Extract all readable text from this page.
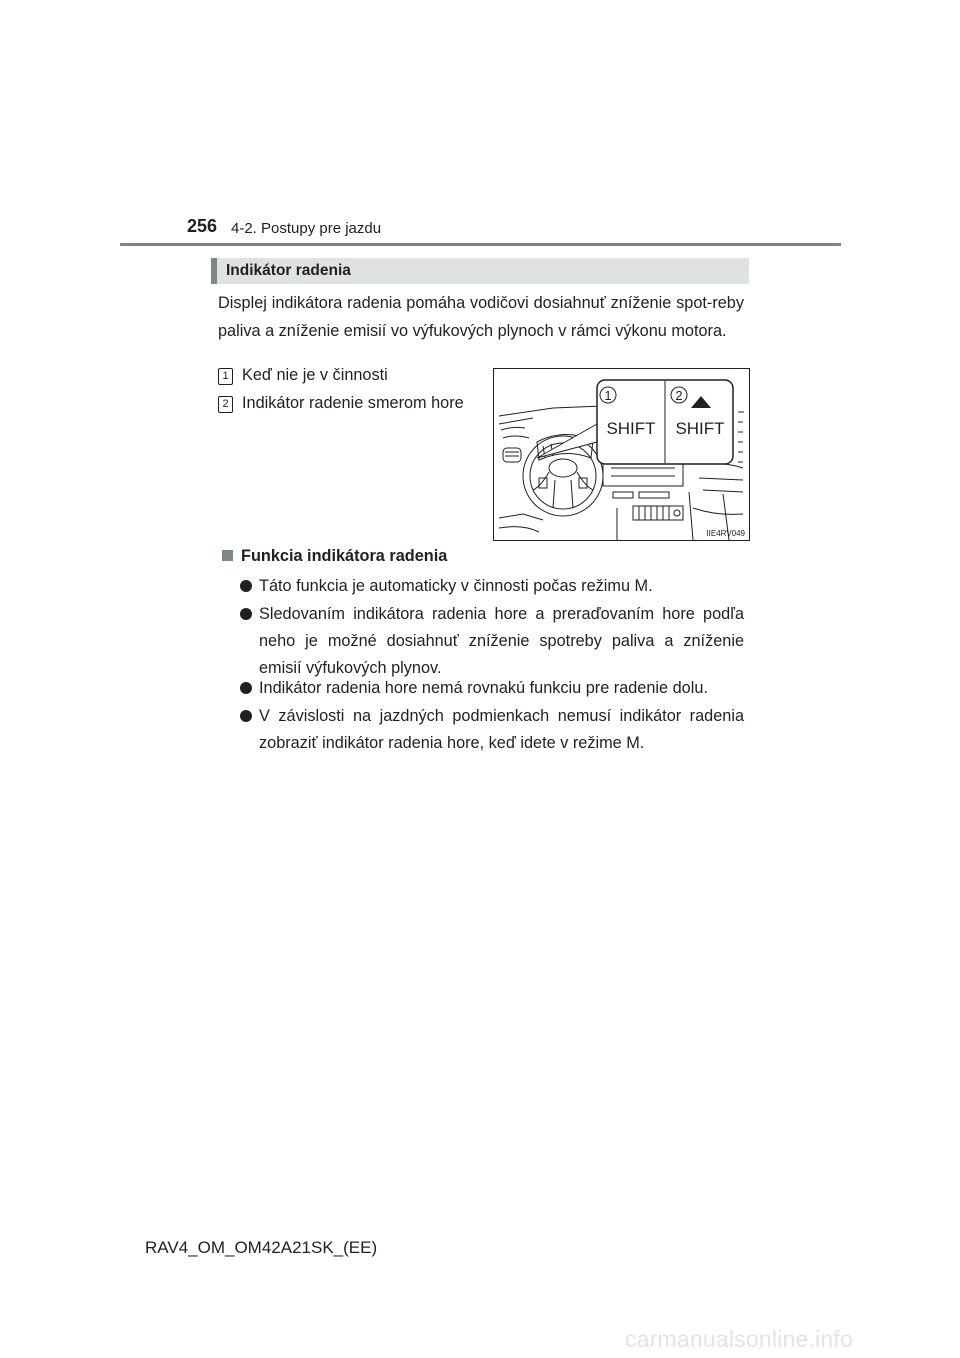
256 4-2. Postupy pre jazdu
Indikátor radenia
Displej indikátora radenia pomáha vodičovi dosiahnuť zníženie spot-reby paliva a zníženie emisií vo výfukových plynoch v rámci výkonu motora.
1 Keď nie je v činnosti
2 Indikátor radenie smerom hore	1	2
SHIFT SHIFT
IIE4RV049
Funkcia indikátora radenia
Táto funkcia je automaticky v činnosti počas režimu M.
Sledovaním indikátora radenia hore a preraďovaním hore podľa neho je možné dosiahnuť zníženie spotreby paliva a zníženie emisií výfukových plynov.
Indikátor radenia hore nemá rovnakú funkciu pre radenie dolu.
V závislosti na jazdných podmienkach nemusí indikátor radenia zobraziť indikátor radenia hore, keď idete v režime M.
RAV4_OM_OM42A21SK_(EE)
carmanualsonline.info
